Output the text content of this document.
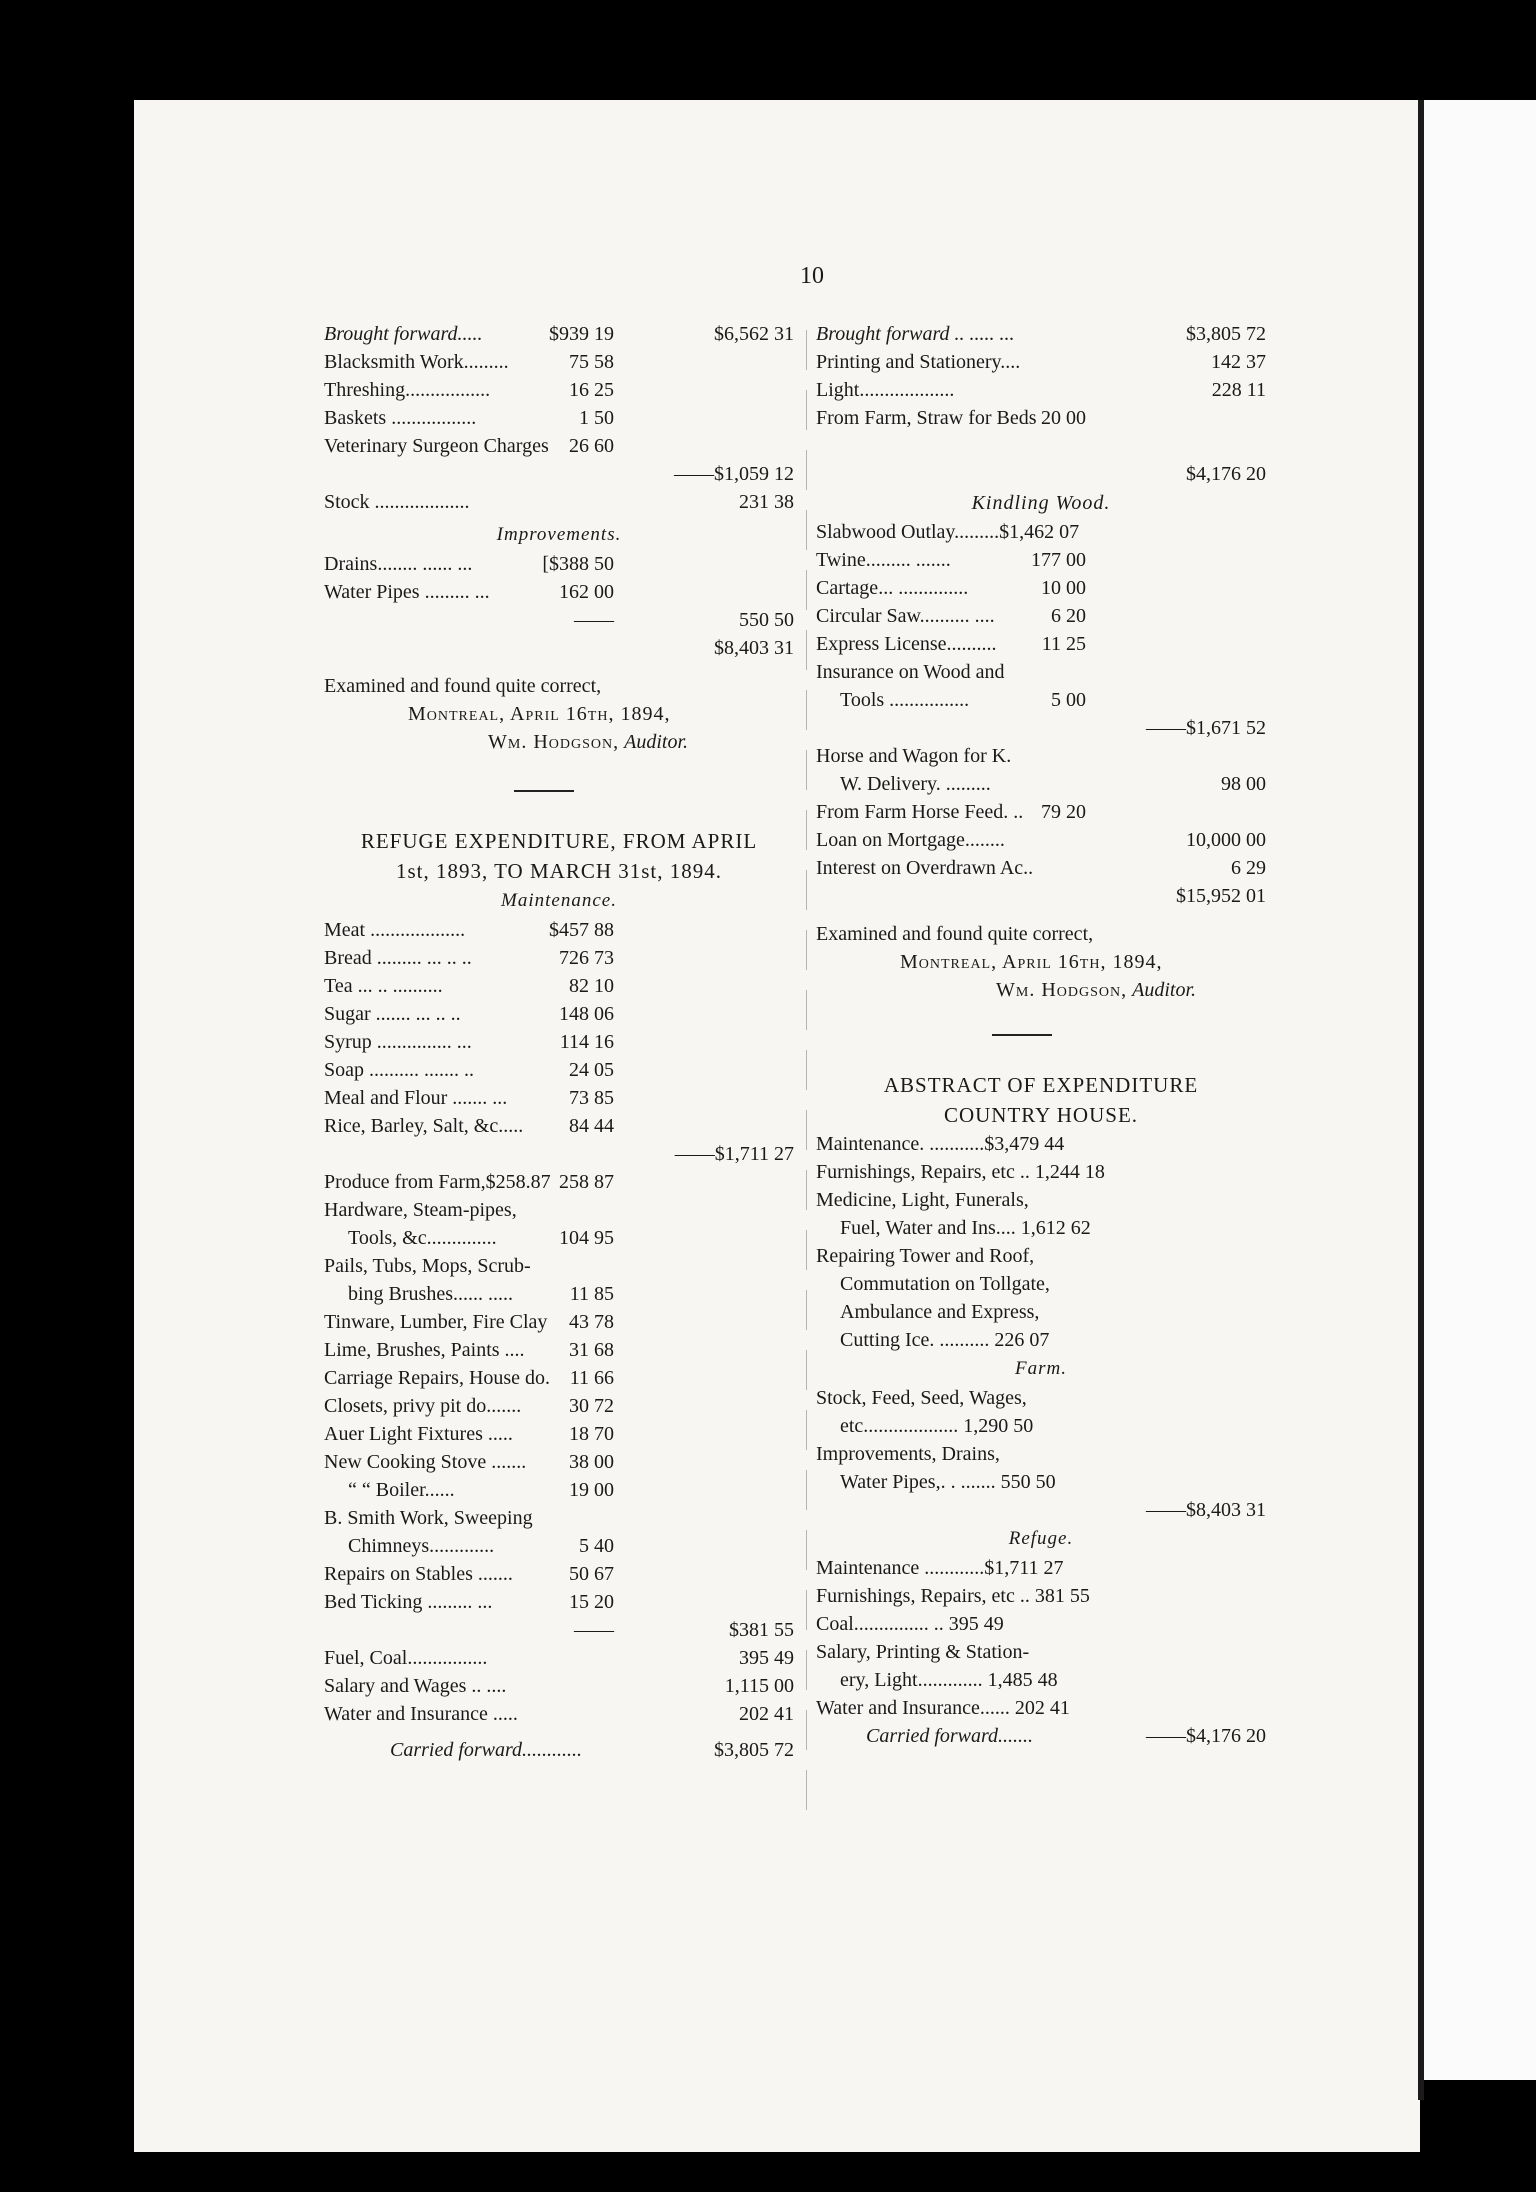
10
Brought forward.....	$939 19	$6,562 31
Blacksmith Work.........	75 58
Threshing.................	16 25
Baskets .................	1 50
Veterinary Surgeon Charges 26 60
——$1,059 12
Stock ...................	231 38
Improvements.
Drains........ ...... ...	[$388 50
Water Pipes ......... ...	162 00
——	550 50
$8,403 31
Examined and found quite correct,
Montreal, April 16th, 1894,
Wm. Hodgson, Auditor.
REFUGE EXPENDITURE, FROM APRIL
1st, 1893, TO MARCH 31st, 1894.
Maintenance.
Meat ...................	$457 88
Bread ......... ... .. ..	726 73
Tea ... .. ..........	82 10
Sugar ....... ... .. ..	148 06
Syrup ............... ...	114 16
Soap .......... ....... ..	24 05
Meal and Flour ....... ...	73 85
Rice, Barley, Salt, &c..... 84 44
——$1,711 27
Produce from Farm,$258.87 258 87
Hardware, Steam-pipes,
Tools, &c..............	104 95
Pails, Tubs, Mops, Scrub-
bing Brushes...... .....	11 85
Tinware, Lumber, Fire Clay 43 78
Lime, Brushes, Paints .... 31 68
Carriage Repairs, House do. 11 66
Closets, privy pit do....... 30 72
Auer Light Fixtures .....	18 70
New Cooking Stove ....... 38 00
“ “ Boiler......	19 00
B. Smith Work, Sweeping
Chimneys.............	5 40
Repairs on Stables .......	50 67
Bed Ticking ......... ...	15 20
——	$381 55
Fuel, Coal................	395 49
Salary and Wages .. ....	1,115 00
Water and Insurance .....	202 41
Carried forward............	$3,805 72
Brought forward .. ..... ...	$3,805 72
Printing and Stationery....	142 37
Light...................	228 11
From Farm, Straw for Beds 20 00
$4,176 20
Kindling Wood.
Slabwood Outlay.........$1,462 07
Twine......... .......	177 00
Cartage... ..............	10 00
Circular Saw.......... ....	6 20
Express License.......... 11 25
Insurance on Wood and
Tools ................	5 00
——$1,671 52
Horse and Wagon for K.
W. Delivery. .........	98 00
From Farm Horse Feed. .. 79 20
Loan on Mortgage........	10,000 00
Interest on Overdrawn Ac..	6 29
$15,952 01
Examined and found quite correct,
Montreal, April 16th, 1894,
Wm. Hodgson, Auditor.
ABSTRACT OF EXPENDITURE
COUNTRY HOUSE.
Maintenance. ...........$3,479 44
Furnishings, Repairs, etc .. 1,244 18
Medicine, Light, Funerals,
Fuel, Water and Ins.... 1,612 62
Repairing Tower and Roof,
Commutation on Tollgate,
Ambulance and Express,
Cutting Ice. .......... 226 07
Farm.
Stock, Feed, Seed, Wages,
etc................... 1,290 50
Improvements, Drains,
Water Pipes,. . ....... 550 50
——$8,403 31
Refuge.
Maintenance ............$1,711 27
Furnishings, Repairs, etc .. 381 55
Coal............... .. 395 49
Salary, Printing & Station-
ery, Light............. 1,485 48
Water and Insurance...... 202 41
Carried forward.......	——$4,176 20
